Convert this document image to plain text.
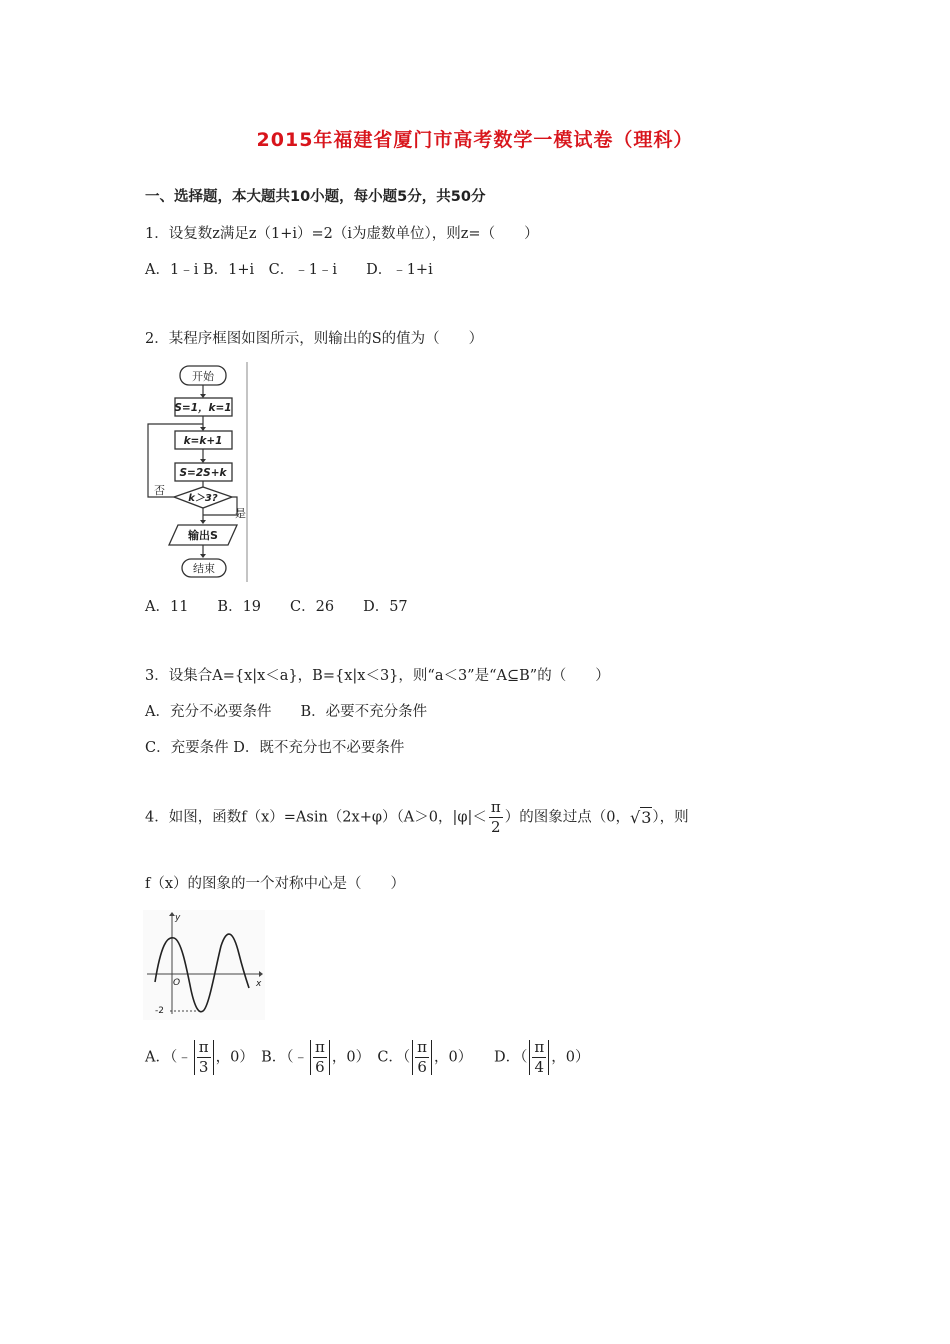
2015年福建省厦门市高考数学一模试卷（理科）
一、选择题，本大题共10小题，每小题5分，共50分
1．设复数z满足z（1+i）=2（i为虚数单位），则z=（　　）
A．1﹣i B．1+i　C．﹣1﹣i　　D．﹣1+i
2．某程序框图如图所示，则输出的S的值为（　　）
开始
S=1，k=1
k=k+1
S=2S+k
k＞3?
否
是
输出S
结束
A．11　　B．19　　C．26　　D．57
3．设集合A={x|x＜a}，B={x|x＜3}，则“a＜3”是“A⊆B”的（　　）
A．充分不必要条件　　B．必要不充分条件
C．充要条件 D．既不充分也不必要条件
4．如图，函数f（x）=Asin（2x+φ）（A＞0，$|\varphi|< \frac{\pi}{2}$ ）的图象过点（0，√3），则
f（x）的图象的一个对称中心是（　　）
y
x
O
-2
A．（﹣ $\frac{\pi}{3}$ ，0）　B．（﹣ $\frac{\pi}{6}$ ，0）　C．（ $\frac{\pi}{6}$ ，0）　　D．（ $\frac{\pi}{4}$ ，0）
